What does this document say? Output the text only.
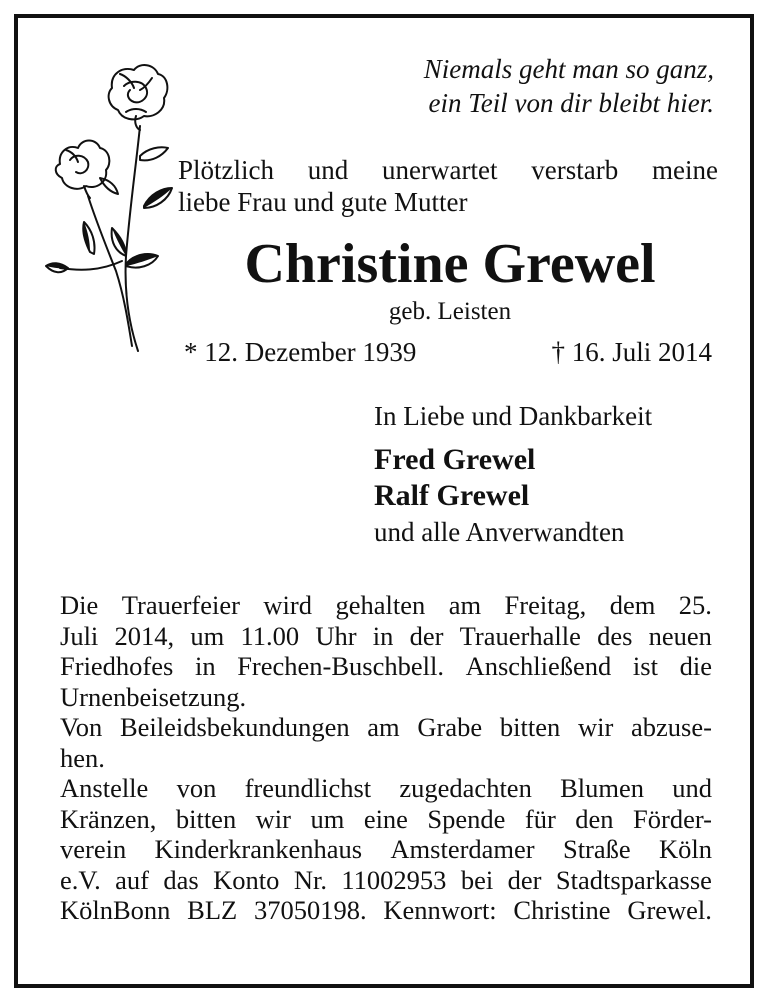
Niemals geht man so ganz,
ein Teil von dir bleibt hier.
Plötzlich und unerwartet verstarb meine
liebe Frau und gute Mutter
Christine Grewel
geb. Leisten
* 12. Dezember 1939	† 16. Juli 2014
In Liebe und Dankbarkeit
Fred Grewel
Ralf Grewel
und alle Anverwandten
Die Trauerfeier wird gehalten am Freitag, dem 25.
Juli 2014, um 11.00 Uhr in der Trauerhalle des neuen
Friedhofes in Frechen-Buschbell. Anschließend ist die
Urnenbeisetzung.
Von Beileidsbekundungen am Grabe bitten wir abzuse-
hen.
Anstelle von freundlichst zugedachten Blumen und
Kränzen, bitten wir um eine Spende für den Förder-
verein Kinderkrankenhaus Amsterdamer Straße Köln
e.V. auf das Konto Nr. 11002953 bei der Stadtsparkasse
KölnBonn BLZ 37050198. Kennwort: Christine Grewel.
